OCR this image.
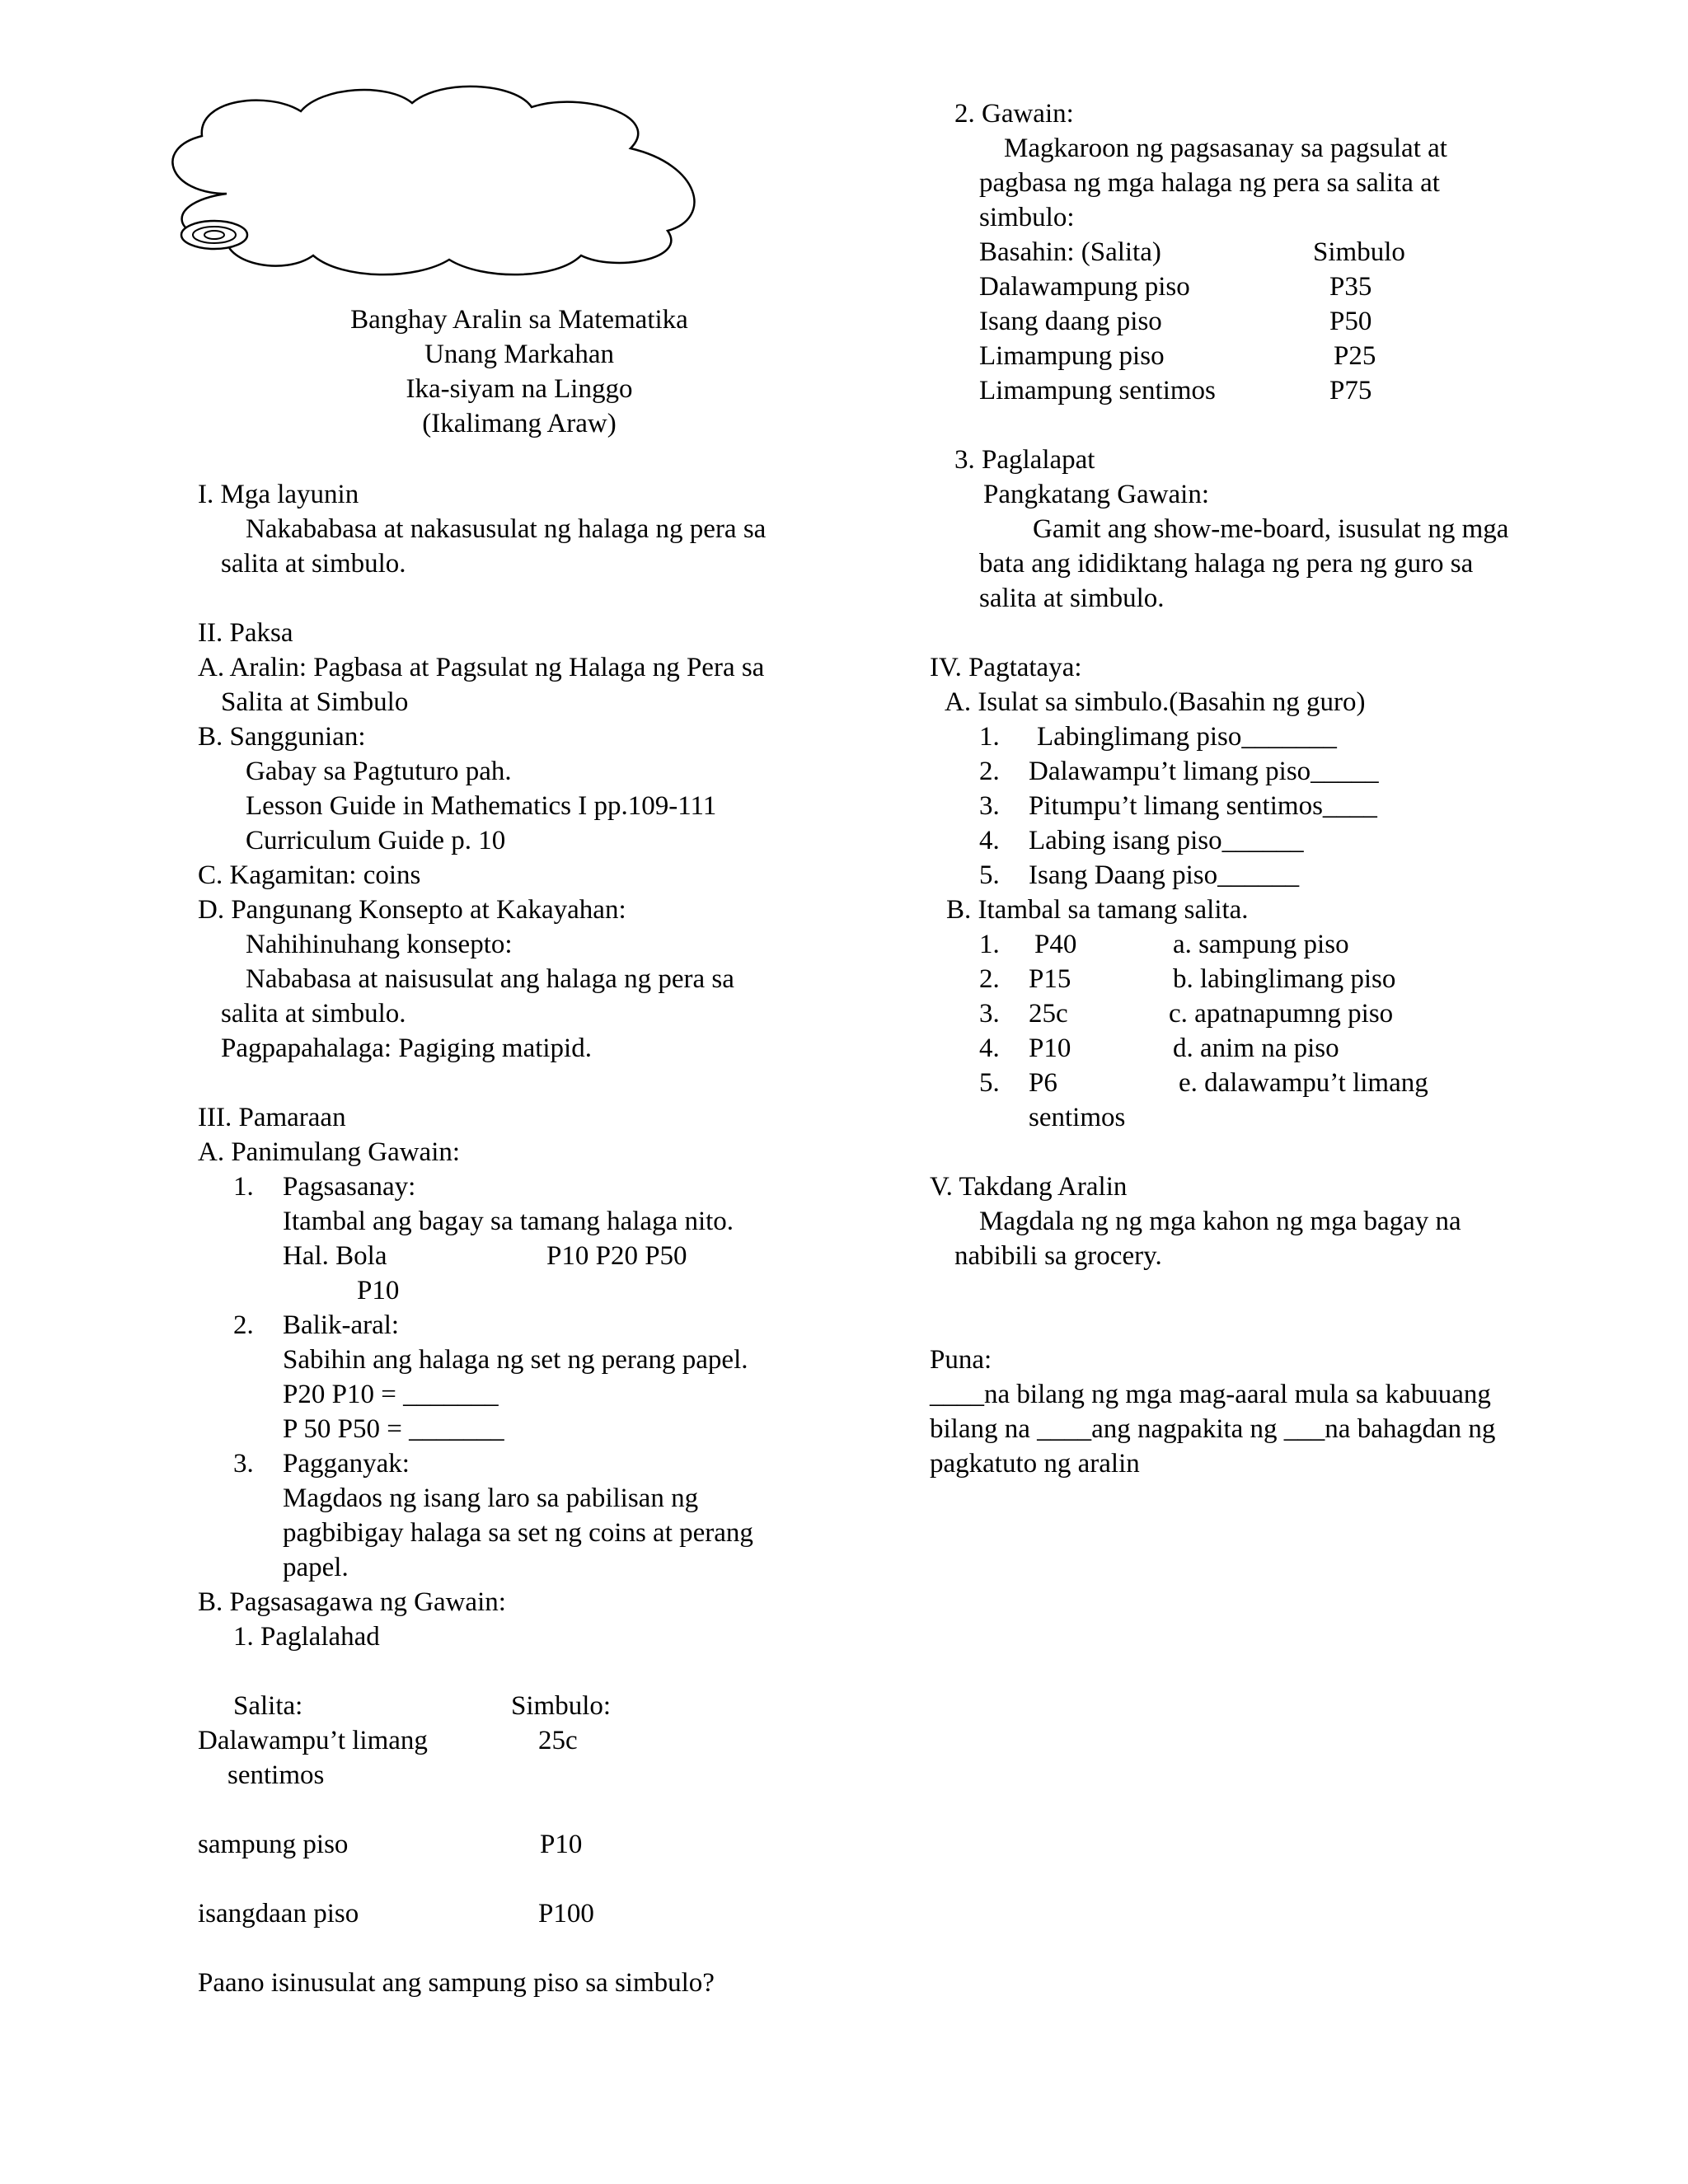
Banghay Aralin sa Matematika
Unang Markahan
Ika-siyam na Linggo
(Ikalimang Araw)
I. Mga layunin
Nakababasa at nakasusulat ng halaga ng pera sa
salita at simbulo.
II. Paksa
A. Aralin: Pagbasa at Pagsulat ng Halaga ng Pera sa
Salita at Simbulo
B. Sanggunian:
Gabay sa Pagtuturo pah.
Lesson Guide in Mathematics I pp.109-111
Curriculum Guide p. 10
C. Kagamitan: coins
D. Pangunang Konsepto at Kakayahan:
Nahihinuhang konsepto:
Nababasa at naisusulat ang halaga ng pera sa
salita at simbulo.
Pagpapahalaga: Pagiging matipid.
III. Pamaraan
A. Panimulang Gawain:
1. Pagsasanay:
Itambal ang bagay sa tamang halaga nito.
Hal. Bola	P10 P20 P50
P10
2. Balik-aral:
Sabihin ang halaga ng set ng perang papel.
P20 P10 = _______
P 50 P50 = _______
3. Pagganyak:
Magdaos ng isang laro sa pabilisan ng
pagbibigay halaga sa set ng coins at perang
papel.
B. Pagsasagawa ng Gawain:
1. Paglalahad
Salita:	Simbulo:
Dalawampu’t limang	25c
sentimos
sampung piso	P10
isangdaan piso	P100
Paano isinusulat ang sampung piso sa simbulo?
2. Gawain:
Magkaroon ng pagsasanay sa pagsulat at
pagbasa ng mga halaga ng pera sa salita at
simbulo:
Basahin: (Salita)	Simbulo
Dalawampung piso	P35
Isang daang piso	P50
Limampung piso	P25
Limampung sentimos	P75
3. Paglalapat
Pangkatang Gawain:
Gamit ang show-me-board, isusulat ng mga
bata ang ididiktang halaga ng pera ng guro sa
salita at simbulo.
IV. Pagtataya:
A. Isulat sa simbulo.(Basahin ng guro)
1. Labinglimang piso_______
2. Dalawampu’t limang piso_____
3. Pitumpu’t limang sentimos____
4. Labing isang piso______
5. Isang Daang piso______
B. Itambal sa tamang salita.
1. P40	a. sampung piso
2. P15	b. labinglimang piso
3. 25c	c. apatnapumng piso
4. P10	d. anim na piso
5. P6	e. dalawampu’t limang
sentimos
V. Takdang Aralin
Magdala ng ng mga kahon ng mga bagay na
nabibili sa grocery.
Puna:
____na bilang ng mga mag-aaral mula sa kabuuang
bilang na ____ang nagpakita ng ___na bahagdan ng
pagkatuto ng aralin
